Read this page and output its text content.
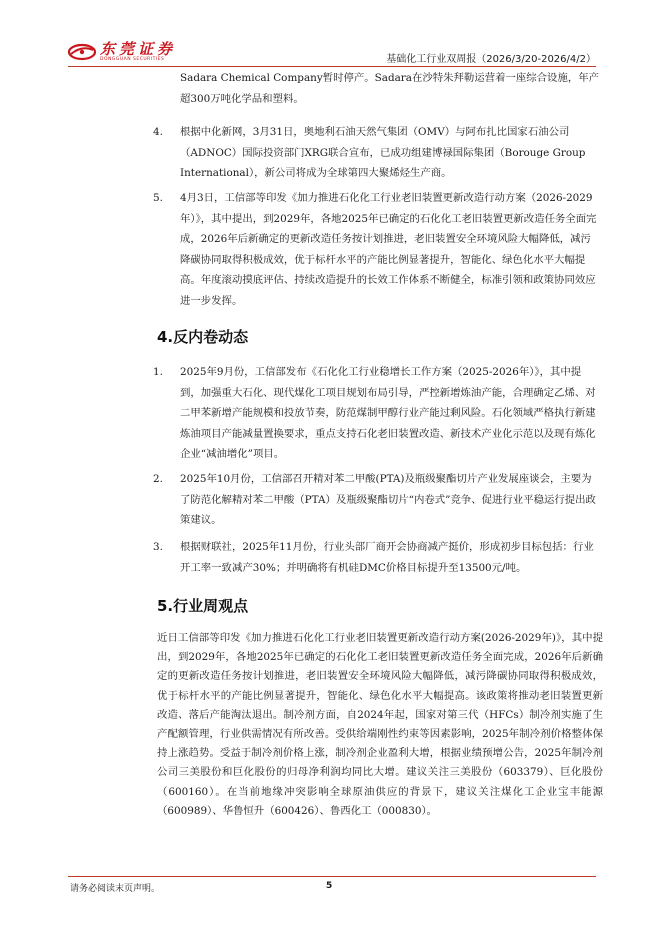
东莞证券
DONGGUAN SECURITIES	基础化工行业双周报（2026/3/20-2026/4/2）
Sadara Chemical Company暂时停产。Sadara在沙特朱拜勒运营着一座综合设施，年产超300万吨化学品和塑料。
4. 根据中化新网，3月31日，奥地利石油天然气集团（OMV）与阿布扎比国家石油公司（ADNOC）国际投资部门XRG联合宣布，已成功组建博禄国际集团（Borouge Group International），新公司将成为全球第四大聚烯烃生产商。
5. 4月3日，工信部等印发《加力推进石化化工行业老旧装置更新改造行动方案（2026-2029年）》，其中提出，到2029年，各地2025年已确定的石化化工老旧装置更新改造任务全面完成，2026年后新确定的更新改造任务按计划推进，老旧装置安全环境风险大幅降低，减污降碳协同取得积极成效，优于标杆水平的产能比例显著提升，智能化、绿色化水平大幅提高。年度滚动摸底评估、持续改造提升的长效工作体系不断健全，标准引领和政策协同效应进一步发挥。
4.反内卷动态
1. 2025年9月份，工信部发布《石化化工行业稳增长工作方案（2025-2026年）》，其中提到，加强重大石化、现代煤化工项目规划布局引导，严控新增炼油产能，合理确定乙烯、对二甲苯新增产能规模和投放节奏，防范煤制甲醇行业产能过剩风险。石化领域严格执行新建炼油项目产能减量置换要求，重点支持石化老旧装置改造、新技术产业化示范以及现有炼化企业“减油增化”项目。
2. 2025年10月份，工信部召开精对苯二甲酸(PTA)及瓶级聚酯切片产业发展座谈会，主要为了防范化解精对苯二甲酸（PTA）及瓶级聚酯切片“内卷式”竞争、促进行业平稳运行提出政策建议。
3. 根据财联社，2025年11月份，行业头部厂商开会协商减产挺价，形成初步目标包括：行业开工率一致减产30%；并明确将有机硅DMC价格目标提升至13500元/吨。
5.行业周观点
近日工信部等印发《加力推进石化化工行业老旧装置更新改造行动方案(2026-2029年)》，其中提出，到2029年，各地2025年已确定的石化化工老旧装置更新改造任务全面完成，2026年后新确定的更新改造任务按计划推进，老旧装置安全环境风险大幅降低，减污降碳协同取得积极成效，优于标杆水平的产能比例显著提升，智能化、绿色化水平大幅提高。该政策将推动老旧装置更新改造、落后产能淘汰退出。制冷剂方面，自2024年起，国家对第三代（HFCs）制冷剂实施了生产配额管理，行业供需情况有所改善。受供给端刚性约束等因素影响，2025年制冷剂价格整体保持上涨趋势。受益于制冷剂价格上涨，制冷剂企业盈利大增，根据业绩预增公告，2025年制冷剂公司三美股份和巨化股份的归母净利润均同比大增。建议关注三美股份（603379）、巨化股份（600160）。在当前地缘冲突影响全球原油供应的背景下，建议关注煤化工企业宝丰能源（600989）、华鲁恒升（600426）、鲁西化工（000830）。
请务必阅读末页声明。	5
